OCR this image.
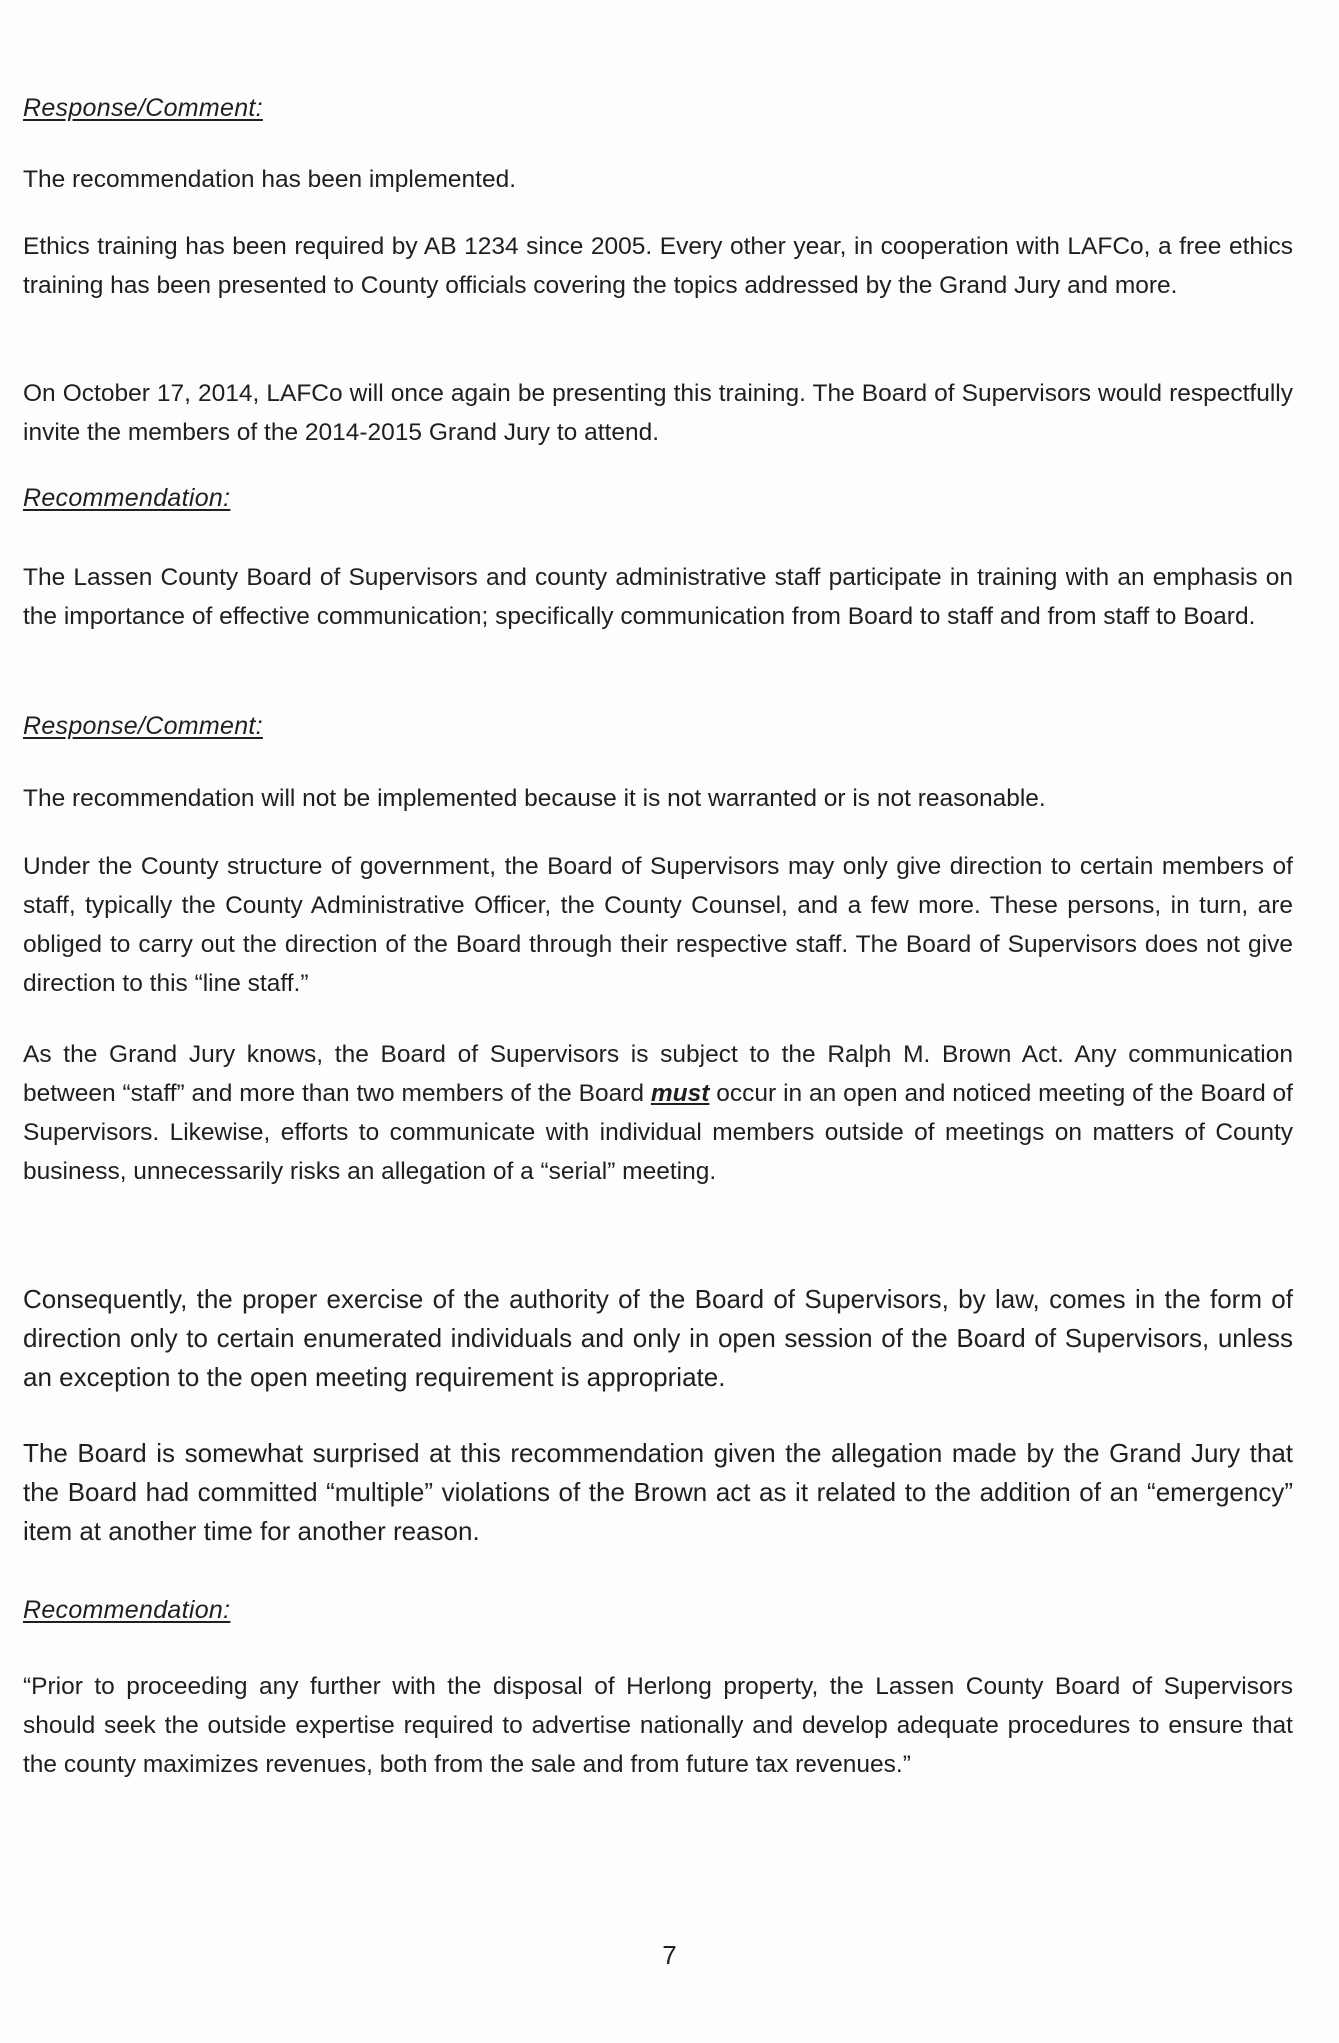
Response/Comment:

The recommendation has been implemented.

Ethics training has been required by AB 1234 since 2005. Every other year, in cooperation with LAFCo, a free ethics training has been presented to County officials covering the topics addressed by the Grand Jury and more.

On October 17, 2014, LAFCo will once again be presenting this training. The Board of Supervisors would respectfully invite the members of the 2014-2015 Grand Jury to attend.

Recommendation:

The Lassen County Board of Supervisors and county administrative staff participate in training with an emphasis on the importance of effective communication; specifically communication from Board to staff and from staff to Board.

Response/Comment:

The recommendation will not be implemented because it is not warranted or is not reasonable.

Under the County structure of government, the Board of Supervisors may only give direction to certain members of staff, typically the County Administrative Officer, the County Counsel, and a few more. These persons, in turn, are obliged to carry out the direction of the Board through their respective staff. The Board of Supervisors does not give direction to this “line staff.”

As the Grand Jury knows, the Board of Supervisors is subject to the Ralph M. Brown Act. Any communication between “staff” and more than two members of the Board must occur in an open and noticed meeting of the Board of Supervisors. Likewise, efforts to communicate with individual members outside of meetings on matters of County business, unnecessarily risks an allegation of a “serial” meeting.

Consequently, the proper exercise of the authority of the Board of Supervisors, by law, comes in the form of direction only to certain enumerated individuals and only in open session of the Board of Supervisors, unless an exception to the open meeting requirement is appropriate.

The Board is somewhat surprised at this recommendation given the allegation made by the Grand Jury that the Board had committed “multiple” violations of the Brown act as it related to the addition of an “emergency” item at another time for another reason.

Recommendation:

“Prior to proceeding any further with the disposal of Herlong property, the Lassen County Board of Supervisors should seek the outside expertise required to advertise nationally and develop adequate procedures to ensure that the county maximizes revenues, both from the sale and from future tax revenues.”

7
